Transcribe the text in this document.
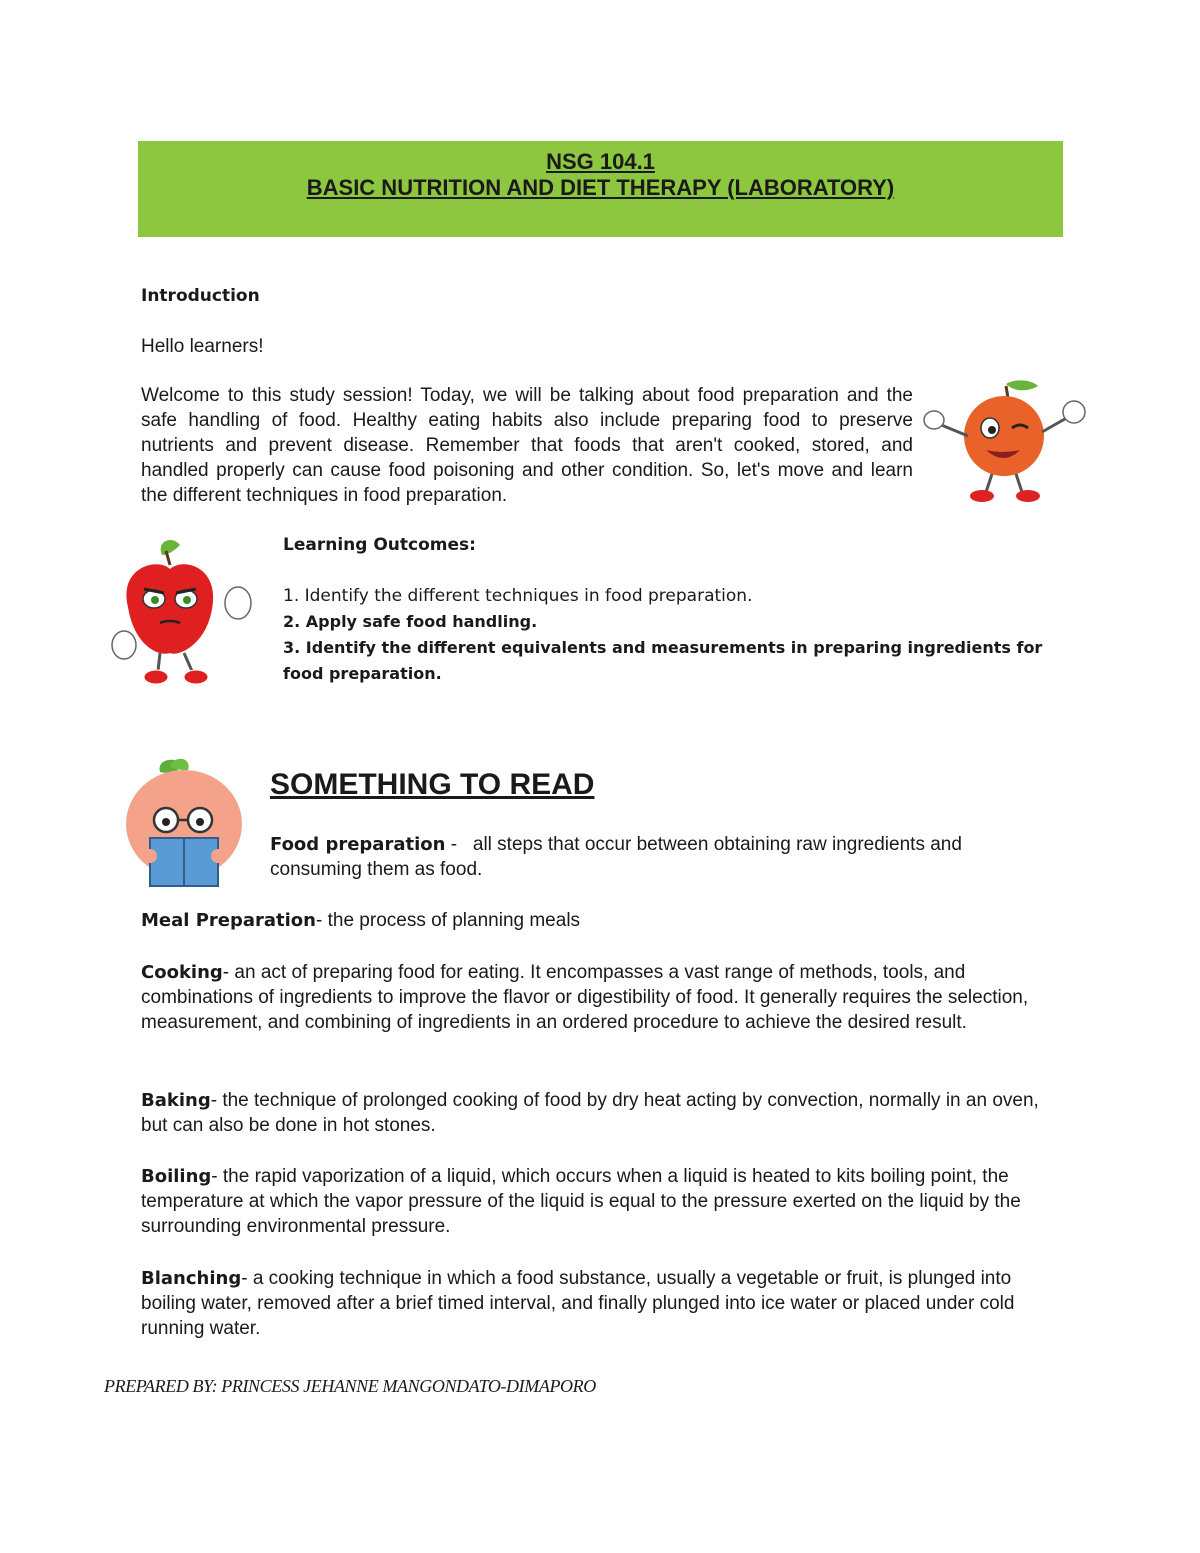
NSG 104.1
BASIC NUTRITION AND DIET THERAPY (LABORATORY)
Introduction
Hello learners!
Welcome to this study session! Today, we will be talking about food preparation and the safe handling of food. Healthy eating habits also include preparing food to preserve nutrients and prevent disease. Remember that foods that aren't cooked, stored, and handled properly can cause food poisoning and other condition. So, let's move and learn the different techniques in food preparation.
Learning Outcomes:
1. Identify the different techniques in food preparation.
2. Apply safe food handling.
3. Identify the different equivalents and measurements in preparing ingredients for food preparation.
SOMETHING TO READ
Food preparation -   all steps that occur between obtaining raw ingredients and consuming them as food.
Meal Preparation- the process of planning meals
Cooking- an act of preparing food for eating. It encompasses a vast range of methods, tools, and combinations of ingredients to improve the flavor or digestibility of food. It generally requires the selection, measurement, and combining of ingredients in an ordered procedure to achieve the desired result.
Baking- the technique of prolonged cooking of food by dry heat acting by convection, normally in an oven, but can also be done in hot stones.
Boiling- the rapid vaporization of a liquid, which occurs when a liquid is heated to kits boiling point, the temperature at which the vapor pressure of the liquid is equal to the pressure exerted on the liquid by the surrounding environmental pressure.
Blanching- a cooking technique in which a food substance, usually a vegetable or fruit, is plunged into boiling water, removed after a brief timed interval, and finally plunged into ice water or placed under cold running water.
PREPARED BY: PRINCESS JEHANNE MANGONDATO-DIMAPORO
